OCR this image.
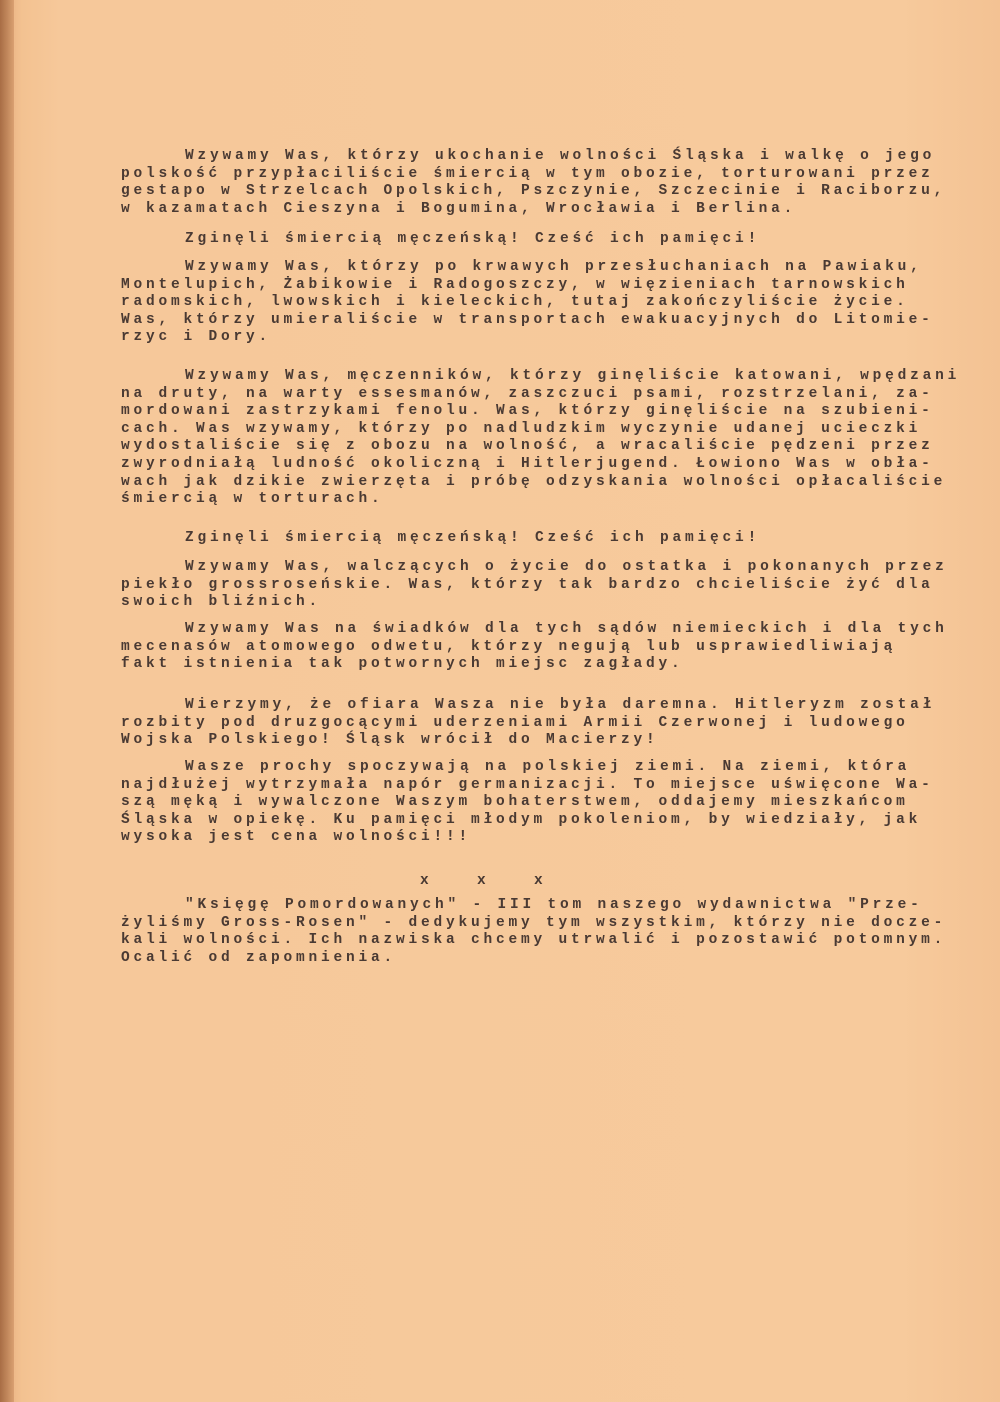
Wzywamy Was, którzy ukochanie wolności Śląska i walkę o jego
polskość przypłaciliście śmiercią w tym obozie, torturowani przez
gestapo w Strzelcach Opolskich, Pszczynie, Szczecinie i Raciborzu,
w kazamatach Cieszyna i Bogumina, Wrocławia i Berlina.
Zginęli śmiercią męczeńską! Cześć ich pamięci!
Wzywamy Was, którzy po krwawych przesłuchaniach na Pawiaku,
Montelupich, Żabikowie i Radogoszczy, w więzieniach tarnowskich
radomskich, lwowskich i kieleckich, tutaj zakończyliście życie.
Was, którzy umieraliście w transportach ewakuacyjnych do Litomie-
rzyc i Dory.
Wzywamy Was, męczenników, którzy ginęliście katowani, wpędzani
na druty, na warty essesmanów, zaszczuci psami, rozstrzelani, za-
mordowani zastrzykami fenolu. Was, którzy ginęliście na szubieni-
cach. Was wzywamy, którzy po nadludzkim wyczynie udanej ucieczki
wydostaliście się z obozu na wolność, a wracaliście pędzeni przez
zwyrodniałą ludność okoliczną i Hitlerjugend. Łowiono Was w obła-
wach jak dzikie zwierzęta i próbę odzyskania wolności opłacaliście
śmiercią w torturach.
Zginęli śmiercią męczeńską! Cześć ich pamięci!
Wzywamy Was, walczących o życie do ostatka i pokonanych przez
piekło grossroseńskie. Was, którzy tak bardzo chcieliście żyć dla
swoich bliźnich.
Wzywamy Was na świadków dla tych sądów niemieckich i dla tych
mecenasów atomowego odwetu, którzy negują lub usprawiedliwiają
fakt istnienia tak potwornych miejsc zagłady.
Wierzymy, że ofiara Wasza nie była daremna. Hitleryzm został
rozbity pod druzgocącymi uderzeniami Armii Czerwonej i ludowego
Wojska Polskiego! Śląsk wrócił do Macierzy!
Wasze prochy spoczywają na polskiej ziemi. Na ziemi, która
najdłużej wytrzymała napór germanizacji. To miejsce uświęcone Wa-
szą męką i wywalczone Waszym bohaterstwem, oddajemy mieszkańcom
Śląska w opiekę. Ku pamięci młodym pokoleniom, by wiedziały, jak
wysoka jest cena wolności!!!
x	x	x
"Księgę Pomordowanych" - III tom naszego wydawnictwa "Prze-
żyliśmy Gross-Rosen" - dedykujemy tym wszystkim, którzy nie docze-
kali wolności. Ich nazwiska chcemy utrwalić i pozostawić potomnym.
Ocalić od zapomnienia.
